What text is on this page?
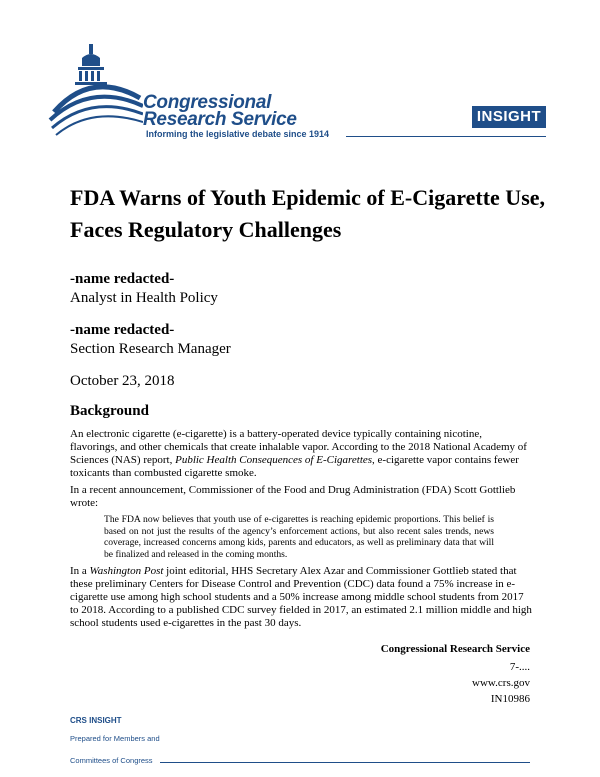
Congressional
Research Service
Informing the legislative debate since 1914
INSIGHT
FDA Warns of Youth Epidemic of E-Cigarette Use, Faces Regulatory Challenges
-name redacted-
Analyst in Health Policy
-name redacted-
Section Research Manager
October 23, 2018
Background

An electronic cigarette (e-cigarette) is a battery-operated device typically containing nicotine, flavorings, and other chemicals that create inhalable vapor. According to the 2018 National Academy of Sciences (NAS) report, Public Health Consequences of E-Cigarettes, e-cigarette vapor contains fewer toxicants than combusted cigarette smoke.

In a recent announcement, Commissioner of the Food and Drug Administration (FDA) Scott Gottlieb wrote:

The FDA now believes that youth use of e-cigarettes is reaching epidemic proportions. This belief is based on not just the results of the agency’s enforcement actions, but also recent sales trends, news coverage, increased concerns among kids, parents and educators, as well as preliminary data that will be finalized and released in the coming months.

In a Washington Post joint editorial, HHS Secretary Alex Azar and Commissioner Gottlieb stated that these preliminary Centers for Disease Control and Prevention (CDC) data found a 75% increase in e-cigarette use among high school students and a 50% increase among middle school students from 2017 to 2018. According to a published CDC survey fielded in 2017, an estimated 2.1 million middle and high school students used e-cigarettes in the past 30 days.

Congressional Research Service
7-....
www.crs.gov
IN10986
CRS INSIGHT
Prepared for Members and
Committees of Congress
